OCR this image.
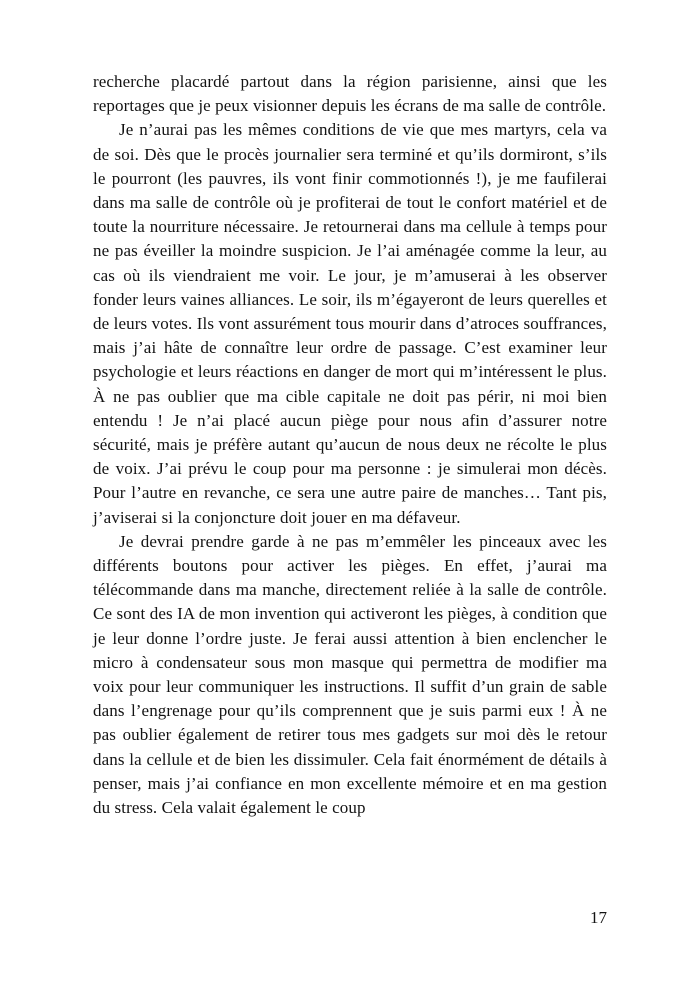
recherche placardé partout dans la région parisienne, ainsi que les reportages que je peux visionner depuis les écrans de ma salle de contrôle.

Je n’aurai pas les mêmes conditions de vie que mes martyrs, cela va de soi. Dès que le procès journalier sera terminé et qu’ils dormiront, s’ils le pourront (les pauvres, ils vont finir commotionnés !), je me faufilerai dans ma salle de contrôle où je profiterai de tout le confort matériel et de toute la nourriture nécessaire. Je retournerai dans ma cellule à temps pour ne pas éveiller la moindre suspicion. Je l’ai aménagée comme la leur, au cas où ils viendraient me voir. Le jour, je m’amuserai à les observer fonder leurs vaines alliances. Le soir, ils m’égayeront de leurs querelles et de leurs votes. Ils vont assurément tous mourir dans d’atroces souffrances, mais j’ai hâte de connaître leur ordre de passage. C’est examiner leur psychologie et leurs réactions en danger de mort qui m’intéressent le plus. À ne pas oublier que ma cible capitale ne doit pas périr, ni moi bien entendu ! Je n’ai placé aucun piège pour nous afin d’assurer notre sécurité, mais je préfère autant qu’aucun de nous deux ne récolte le plus de voix. J’ai prévu le coup pour ma personne : je simulerai mon décès. Pour l’autre en revanche, ce sera une autre paire de manches… Tant pis, j’aviserai si la conjoncture doit jouer en ma défaveur.

Je devrai prendre garde à ne pas m’emmêler les pinceaux avec les différents boutons pour activer les pièges. En effet, j’aurai ma télécommande dans ma manche, directement reliée à la salle de contrôle. Ce sont des IA de mon invention qui activeront les pièges, à condition que je leur donne l’ordre juste. Je ferai aussi attention à bien enclencher le micro à condensateur sous mon masque qui permettra de modifier ma voix pour leur communiquer les instructions. Il suffit d’un grain de sable dans l’engrenage pour qu’ils comprennent que je suis parmi eux ! À ne pas oublier également de retirer tous mes gadgets sur moi dès le retour dans la cellule et de bien les dissimuler. Cela fait énormément de détails à penser, mais j’ai confiance en mon excellente mémoire et en ma gestion du stress. Cela valait également le coup

17
